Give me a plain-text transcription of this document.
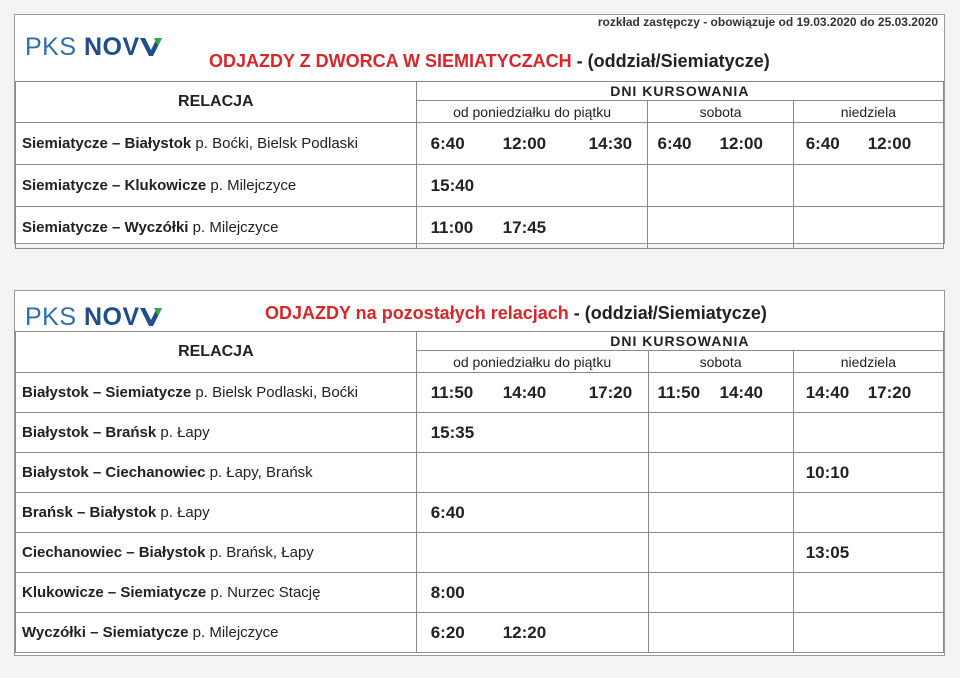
PKS NOV
rozkład zastępczy - obowiązuje od 19.03.2020 do 25.03.2020
ODJAZDY Z DWORCA W SIEMIATYCZACH - (oddział/Siemiatycze)
RELACJA	DNI KURSOWANIA		
	od poniedziałku do piątku	sobota	niedziela
Siemiatycze – Białystok p. Boćki, Bielsk Podlaski	6:40 12:00 14:30	6:40 12:00	6:40 12:00

Siemiatycze – Klukowicze p. Milejczyce	15:40		

Siemiatycze – Wyczółki p. Milejczyce	11:00 17:45		

PKS NOV	ODJAZDY na pozostałych relacjach - (oddział/Siemiatycze)
RELACJA	DNI KURSOWANIA		
	od poniedziałku do piątku	sobota	niedziela
Białystok – Siemiatycze p. Bielsk Podlaski, Boćki	11:50 14:40 17:20	11:50 14:40	14:40 17:20

Białystok – Brańsk p. Łapy	15:35		

Białystok – Ciechanowiec p. Łapy, Brańsk			10:10

Brańsk – Białystok p. Łapy	6:40		

Ciechanowiec – Białystok p. Brańsk, Łapy			13:05

Klukowicze – Siemiatycze p. Nurzec Stację	8:00		

Wyczółki – Siemiatycze p. Milejczyce	6:20 12:20		
